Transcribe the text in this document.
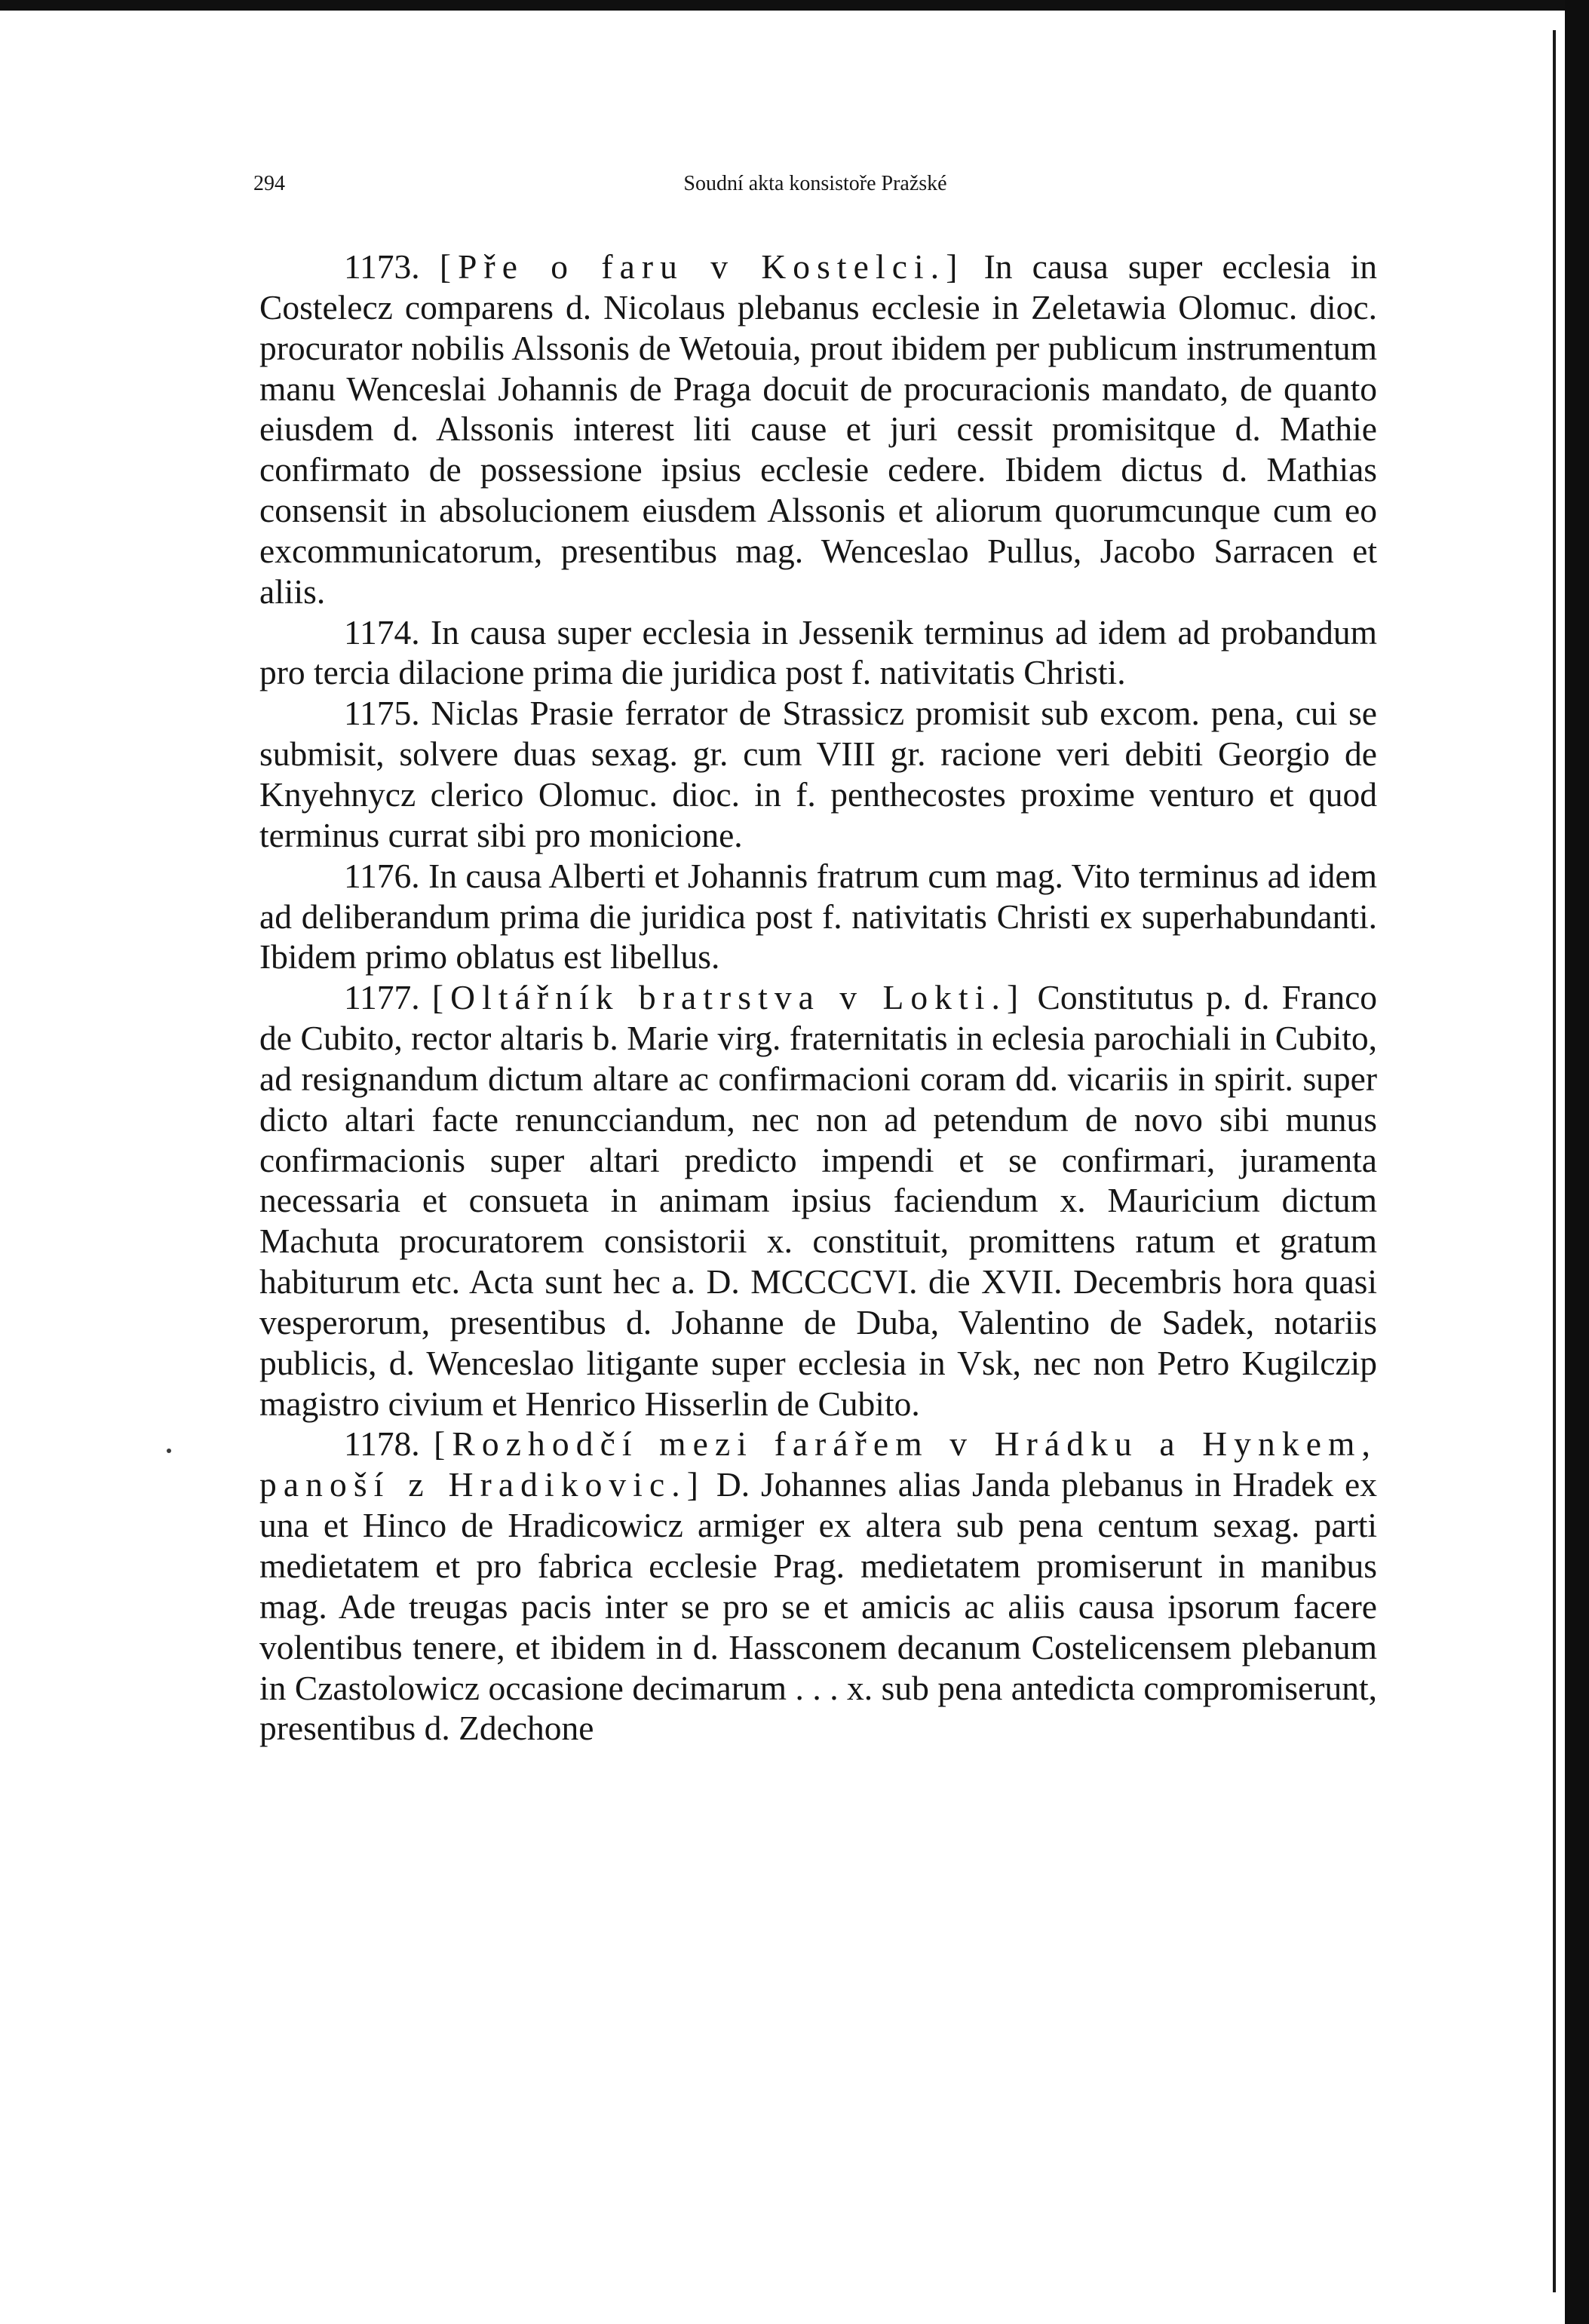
294	Soudní akta konsistoře Pražské

1173. [Pře o faru v Kostelci.] In causa super ecclesia in Costelecz comparens d. Nicolaus plebanus ecclesie in Zeletawia Olomuc. dioc. procurator nobilis Alssonis de Wetouia, prout ibidem per publicum instrumentum manu Wenceslai Johannis de Praga docuit de procuracionis mandato, de quanto eiusdem d. Alssonis interest liti cause et juri cessit promisitque d. Mathie confirmato de possessione ipsius ecclesie cedere. Ibidem dictus d. Mathias consensit in absolucionem eiusdem Alssonis et aliorum quorumcunque cum eo excommunicatorum, presentibus mag. Wenceslao Pullus, Jacobo Sarracen et aliis.

1174. In causa super ecclesia in Jessenik terminus ad idem ad probandum pro tercia dilacione prima die juridica post f. nativitatis Christi.

1175. Niclas Prasie ferrator de Strassicz promisit sub excom. pena, cui se submisit, solvere duas sexag. gr. cum VIII gr. racione veri debiti Georgio de Knyehnycz clerico Olomuc. dioc. in f. penthecostes proxime venturo et quod terminus currat sibi pro monicione.

1176. In causa Alberti et Johannis fratrum cum mag. Vito terminus ad idem ad deliberandum prima die juridica post f. nativitatis Christi ex superhabundanti. Ibidem primo oblatus est libellus.

1177. [Oltářník bratrstva v Lokti.] Constitutus p. d. Franco de Cubito, rector altaris b. Marie virg. fraternitatis in eclesia parochiali in Cubito, ad resignandum dictum altare ac confirmacioni coram dd. vicariis in spirit. super dicto altari facte renuncciandum, nec non ad petendum de novo sibi munus confirmacionis super altari predicto impendi et se confirmari, juramenta necessaria et consueta in animam ipsius faciendum x. Mauricium dictum Machuta procuratorem consistorii x. constituit, promittens ratum et gratum habiturum etc. Acta sunt hec a. D. MCCCCVI. die XVII. Decembris hora quasi vesperorum, presentibus d. Johanne de Duba, Valentino de Sadek, notariis publicis, d. Wenceslao litigante super ecclesia in Vsk, nec non Petro Kugilczip magistro civium et Henrico Hisserlin de Cubito.

1178. [Rozhodčí mezi farářem v Hrádku a Hynkem, panoší z Hradikovic.] D. Johannes alias Janda plebanus in Hradek ex una et Hinco de Hradicowicz armiger ex altera sub pena centum sexag. parti medietatem et pro fabrica ecclesie Prag. medietatem promiserunt in manibus mag. Ade treugas pacis inter se pro se et amicis ac aliis causa ipsorum facere volentibus tenere, et ibidem in d. Hassconem decanum Costelicensem plebanum in Czastolowicz occasione decimarum . . . x. sub pena antedicta compromiserunt, presentibus d. Zdechone
